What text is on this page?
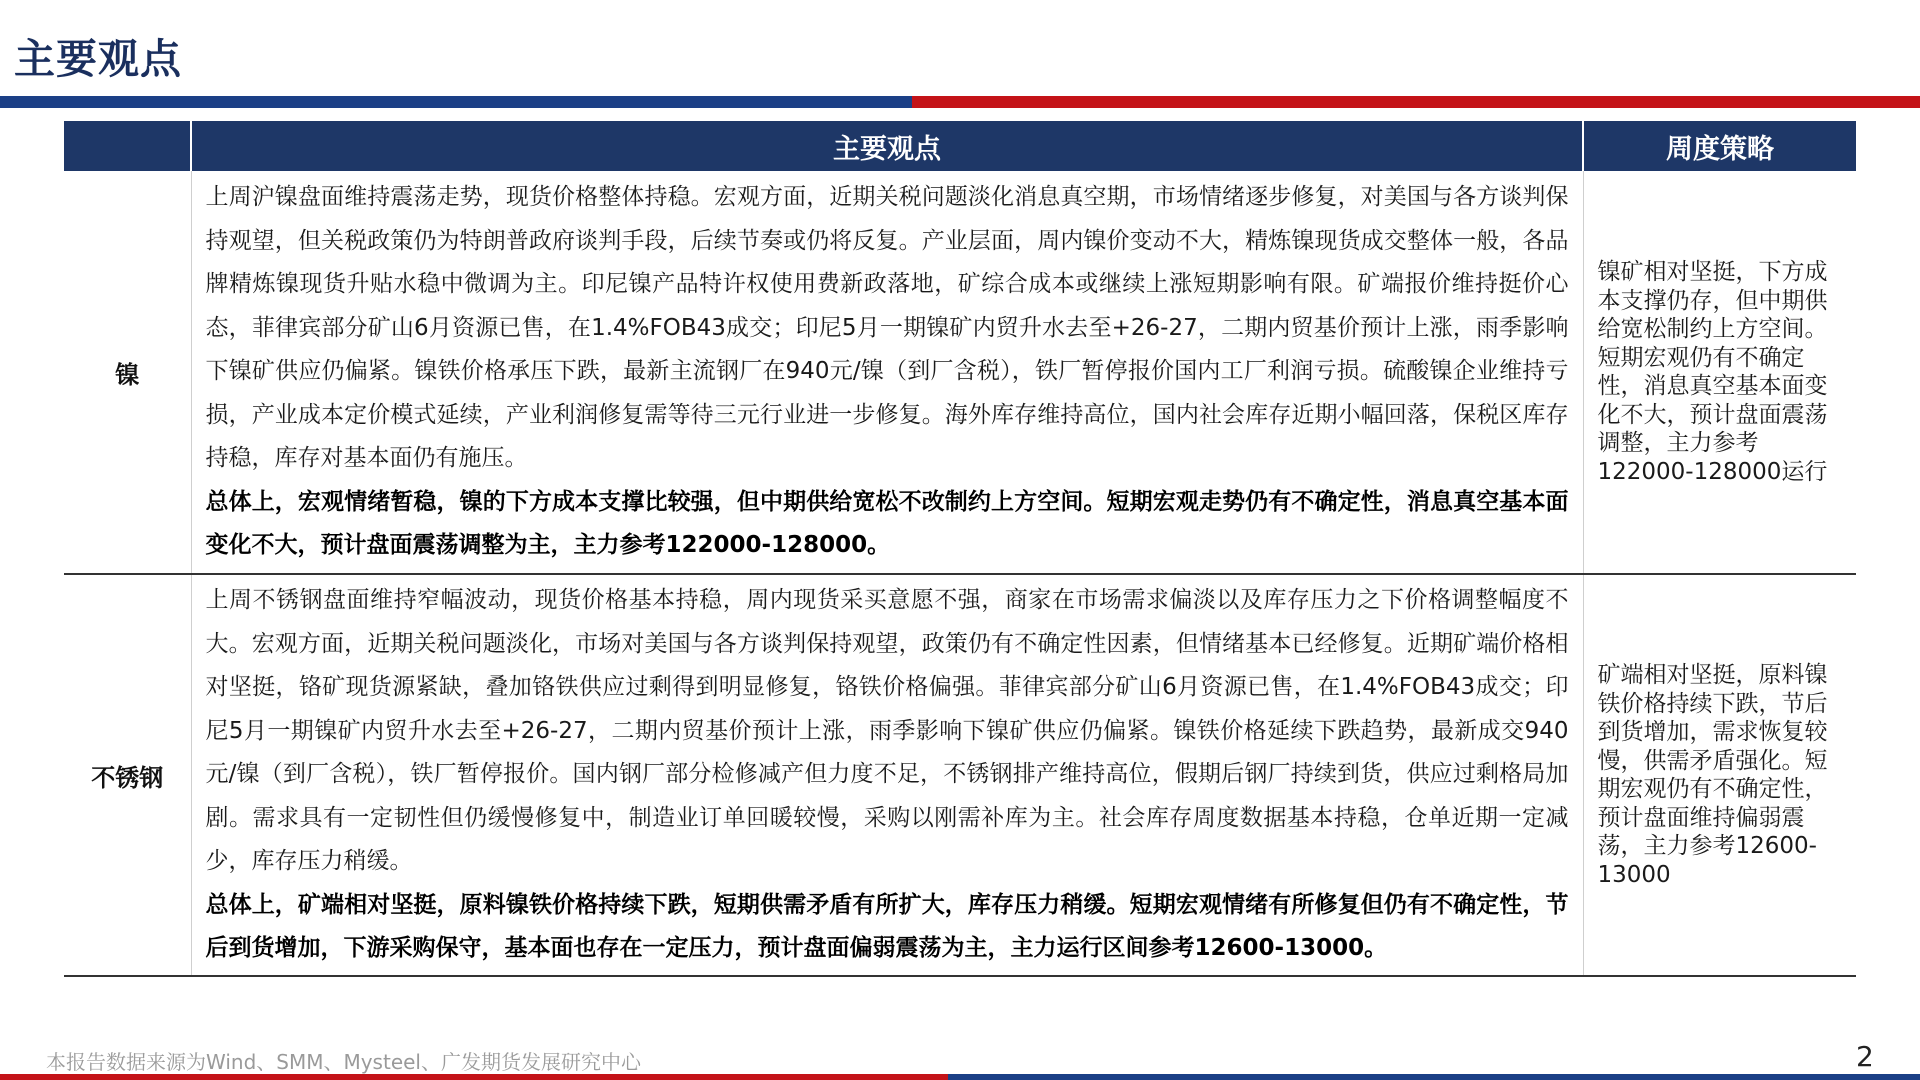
主要观点
	主要观点	周度策略
镍	上周沪镍盘面维持震荡走势，现货价格整体持稳。宏观方面，近期关税问题淡化消息真空期，市场情绪逐步修复，对美国与各方谈判保持观望，但关税政策仍为特朗普政府谈判手段，后续节奏或仍将反复。产业层面，周内镍价变动不大，精炼镍现货成交整体一般，各品牌精炼镍现货升贴水稳中微调为主。印尼镍产品特许权使用费新政落地，矿综合成本或继续上涨短期影响有限。矿端报价维持挺价心态，菲律宾部分矿山6月资源已售，在1.4%FOB43成交；印尼5月一期镍矿内贸升水去至+26-27，二期内贸基价预计上涨，雨季影响下镍矿供应仍偏紧。镍铁价格承压下跌，最新主流钢厂在940元/镍（到厂含税），铁厂暂停报价国内工厂利润亏损。硫酸镍企业维持亏损，产业成本定价模式延续，产业利润修复需等待三元行业进一步修复。海外库存维持高位，国内社会库存近期小幅回落，保税区库存持稳，库存对基本面仍有施压。

总体上，宏观情绪暂稳，镍的下方成本支撑比较强，但中期供给宽松不改制约上方空间。短期宏观走势仍有不确定性，消息真空基本面变化不大，预计盘面震荡调整为主，主力参考122000-128000。	镍矿相对坚挺，下方成本支撑仍存，但中期供给宽松制约上方空间。短期宏观仍有不确定性，消息真空基本面变化不大，预计盘面震荡调整，主力参考122000-128000运行
不锈钢	上周不锈钢盘面维持窄幅波动，现货价格基本持稳，周内现货采买意愿不强，商家在市场需求偏淡以及库存压力之下价格调整幅度不大。宏观方面，近期关税问题淡化，市场对美国与各方谈判保持观望，政策仍有不确定性因素，但情绪基本已经修复。近期矿端价格相对坚挺，铬矿现货源紧缺，叠加铬铁供应过剩得到明显修复，铬铁价格偏强。菲律宾部分矿山6月资源已售，在1.4%FOB43成交；印尼5月一期镍矿内贸升水去至+26-27，二期内贸基价预计上涨，雨季影响下镍矿供应仍偏紧。镍铁价格延续下跌趋势，最新成交940元/镍（到厂含税），铁厂暂停报价。国内钢厂部分检修减产但力度不足，不锈钢排产维持高位，假期后钢厂持续到货，供应过剩格局加剧。需求具有一定韧性但仍缓慢修复中，制造业订单回暖较慢，采购以刚需补库为主。社会库存周度数据基本持稳，仓单近期一定减少，库存压力稍缓。

总体上，矿端相对坚挺，原料镍铁价格持续下跌，短期供需矛盾有所扩大，库存压力稍缓。短期宏观情绪有所修复但仍有不确定性，节后到货增加，下游采购保守，基本面也存在一定压力，预计盘面偏弱震荡为主，主力运行区间参考12600-13000。	矿端相对坚挺，原料镍铁价格持续下跌，节后到货增加，需求恢复较慢，供需矛盾强化。短期宏观仍有不确定性，预计盘面维持偏弱震荡，主力参考12600-13000
本报告数据来源为Wind、SMM、Mysteel、广发期货发展研究中心	2
